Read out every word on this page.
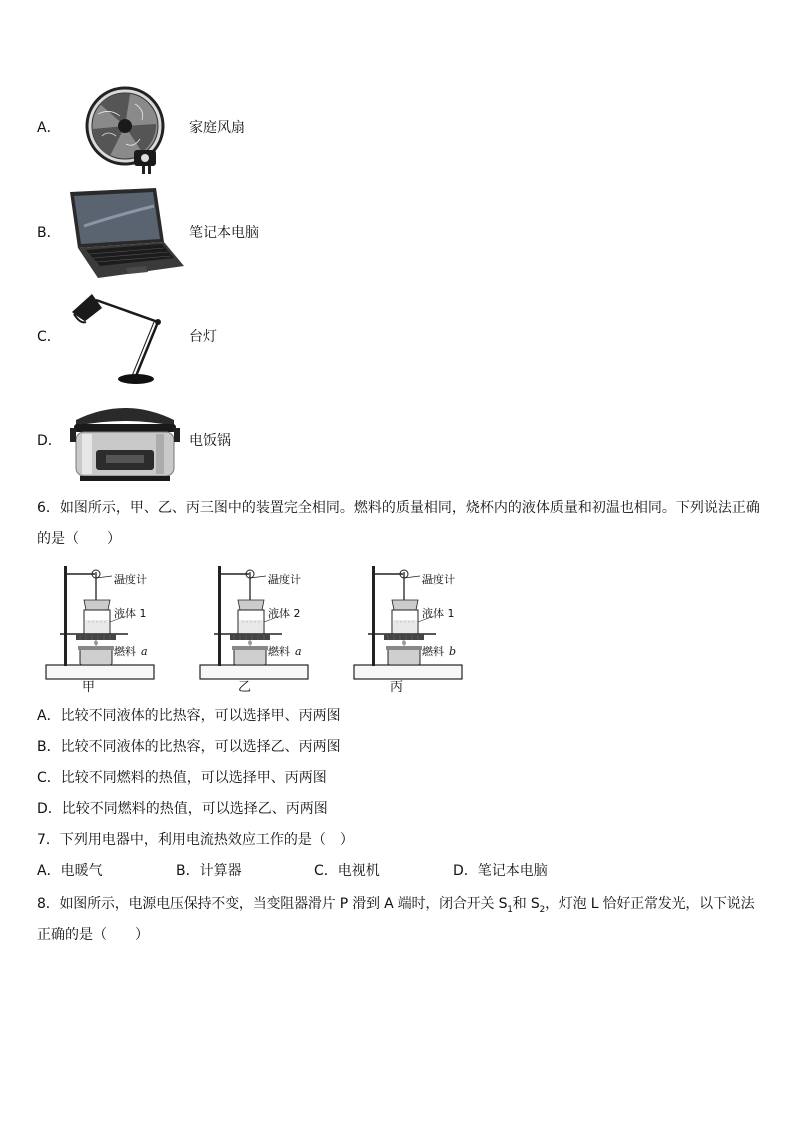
A．	家庭风扇
B．	笔记本电脑
C．	台灯
D．	电饭锅
6．如图所示，甲、乙、丙三图中的装置完全相同。燃料的质量相同，烧杯内的液体质量和初温也相同。下列说法正确
的是（　　）
温度计
液体 1
燃料 a
甲
温度计
液体 2
燃料 a
乙
温度计
液体 1
燃料 b
丙
A．比较不同液体的比热容，可以选择甲、丙两图
B．比较不同液体的比热容，可以选择乙、丙两图
C．比较不同燃料的热值，可以选择甲、丙两图
D．比较不同燃料的热值，可以选择乙、丙两图
7．下列用电器中，利用电流热效应工作的是（　）
A．电暖气	B．计算器	C．电视机	D．笔记本电脑
8．如图所示，电源电压保持不变，当变阻器滑片 P 滑到 A 端时，闭合开关 $S_1$和 $S_2$，灯泡 L 恰好正常发光，以下说法
正确的是（　　）
